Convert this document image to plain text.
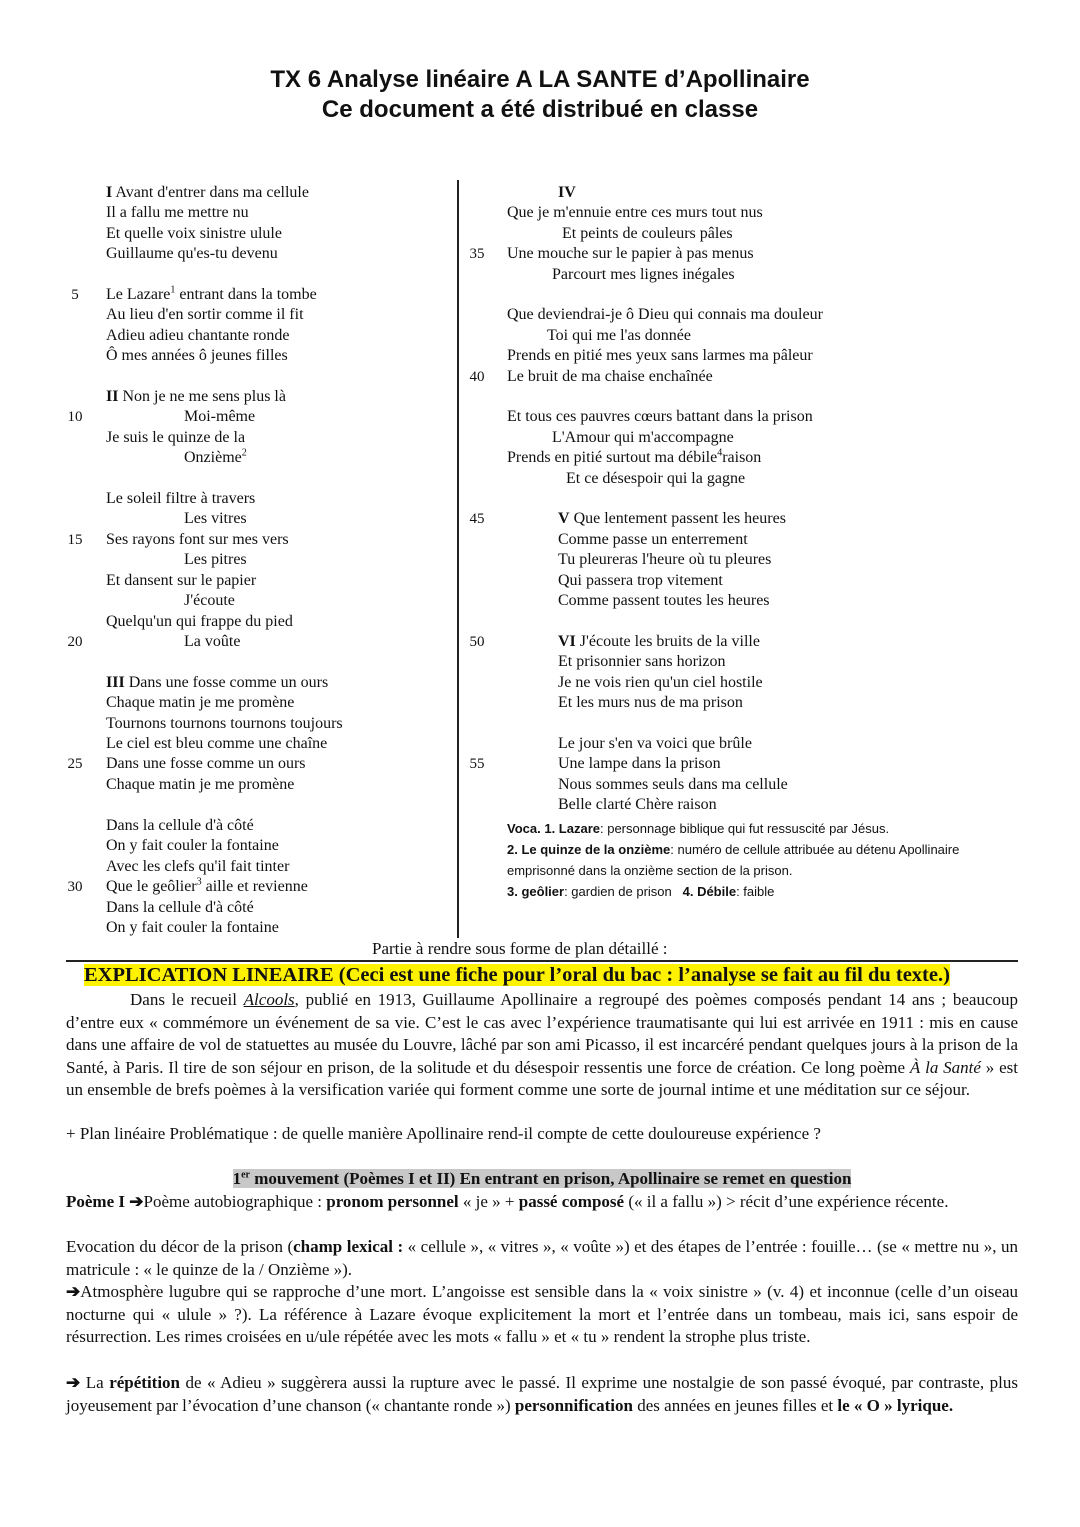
TX 6 Analyse linéaire A LA SANTE d’Apollinaire
Ce document a été distribué en classe
5
10
15
20
25
30
35
40
45
50
55
I Avant d'entrer dans ma cellule
Il a fallu me mettre nu
Et quelle voix sinistre ulule
Guillaume qu'es-tu devenu
Le Lazare$^1$ entrant dans la tombe
Au lieu d'en sortir comme il fit
Adieu adieu chantante ronde
Ô mes années ô jeunes filles
II Non je ne me sens plus là
Moi-même
Je suis le quinze de la
Onzième$^2$
Le soleil filtre à travers
Les vitres
Ses rayons font sur mes vers
Les pitres
Et dansent sur le papier
J'écoute
Quelqu'un qui frappe du pied
La voûte
III Dans une fosse comme un ours
Chaque matin je me promène
Tournons tournons tournons toujours
Le ciel est bleu comme une chaîne
Dans une fosse comme un ours
Chaque matin je me promène
Dans la cellule d'à côté
On y fait couler la fontaine
Avec les clefs qu'il fait tinter
Que le geôlier$^3$ aille et revienne
Dans la cellule d'à côté
On y fait couler la fontaine
IV
Que je m'ennuie entre ces murs tout nus
Et peints de couleurs pâles
Une mouche sur le papier à pas menus
Parcourt mes lignes inégales
Que deviendrai-je ô Dieu qui connais ma douleur
Toi qui me l'as donnée
Prends en pitié mes yeux sans larmes ma pâleur
Le bruit de ma chaise enchaînée
Et tous ces pauvres cœurs battant dans la prison
L'Amour qui m'accompagne
Prends en pitié surtout ma débile$^4$raison
Et ce désespoir qui la gagne
V Que lentement passent les heures
Comme passe un enterrement
Tu pleureras l'heure où tu pleures
Qui passera trop vitement
Comme passent toutes les heures
VI J'écoute les bruits de la ville
Et prisonnier sans horizon
Je ne vois rien qu'un ciel hostile
Et les murs nus de ma prison
Le jour s'en va voici que brûle
Une lampe dans la prison
Nous sommes seuls dans ma cellule
Belle clarté Chère raison
Voca. 1. Lazare: personnage biblique qui fut ressuscité par Jésus.
2. Le quinze de la onzième: numéro de cellule attribuée au détenu Apollinaire
emprisonné dans la onzième section de la prison.
3. geôlier: gardien de prison 4. Débile: faible
Partie à rendre sous forme de plan détaillé :
EXPLICATION LINEAIRE (Ceci est une fiche pour l’oral du bac : l’analyse se fait au fil du texte.)
Dans le recueil Alcools, publié en 1913, Guillaume Apollinaire a regroupé des poèmes composés pendant 14 ans ; beaucoup d’entre eux « commémore un événement de sa vie. C’est le cas avec l’expérience traumatisante qui lui est arrivée en 1911 : mis en cause dans une affaire de vol de statuettes au musée du Louvre, lâché par son ami Picasso, il est incarcéré pendant quelques jours à la prison de la Santé, à Paris. Il tire de son séjour en prison, de la solitude et du désespoir ressentis une force de création. Ce long poème À la Santé » est un ensemble de brefs poèmes à la versification variée qui forment comme une sorte de journal intime et une méditation sur ce séjour.
+ Plan linéaire Problématique : de quelle manière Apollinaire rend-il compte de cette douloureuse expérience ?
1er mouvement (Poèmes I et II) En entrant en prison, Apollinaire se remet en question
Poème I ➔Poème autobiographique : pronom personnel « je » + passé composé (« il a fallu ») > récit d’une expérience récente.
Evocation du décor de la prison (champ lexical : « cellule », « vitres », « voûte ») et des étapes de l’entrée : fouille… (se « mettre nu », un matricule : « le quinze de la / Onzième »).
➔Atmosphère lugubre qui se rapproche d’une mort. L’angoisse est sensible dans la « voix sinistre » (v. 4) et inconnue (celle d’un oiseau nocturne qui « ulule » ?). La référence à Lazare évoque explicitement la mort et l’entrée dans un tombeau, mais ici, sans espoir de résurrection. Les rimes croisées en u/ule répétée avec les mots « fallu » et « tu » rendent la strophe plus triste.
➔ La répétition de « Adieu » suggèrera aussi la rupture avec le passé. Il exprime une nostalgie de son passé évoqué, par contraste, plus joyeusement par l’évocation d’une chanson (« chantante ronde ») personnification des années en jeunes filles et le « O » lyrique.
